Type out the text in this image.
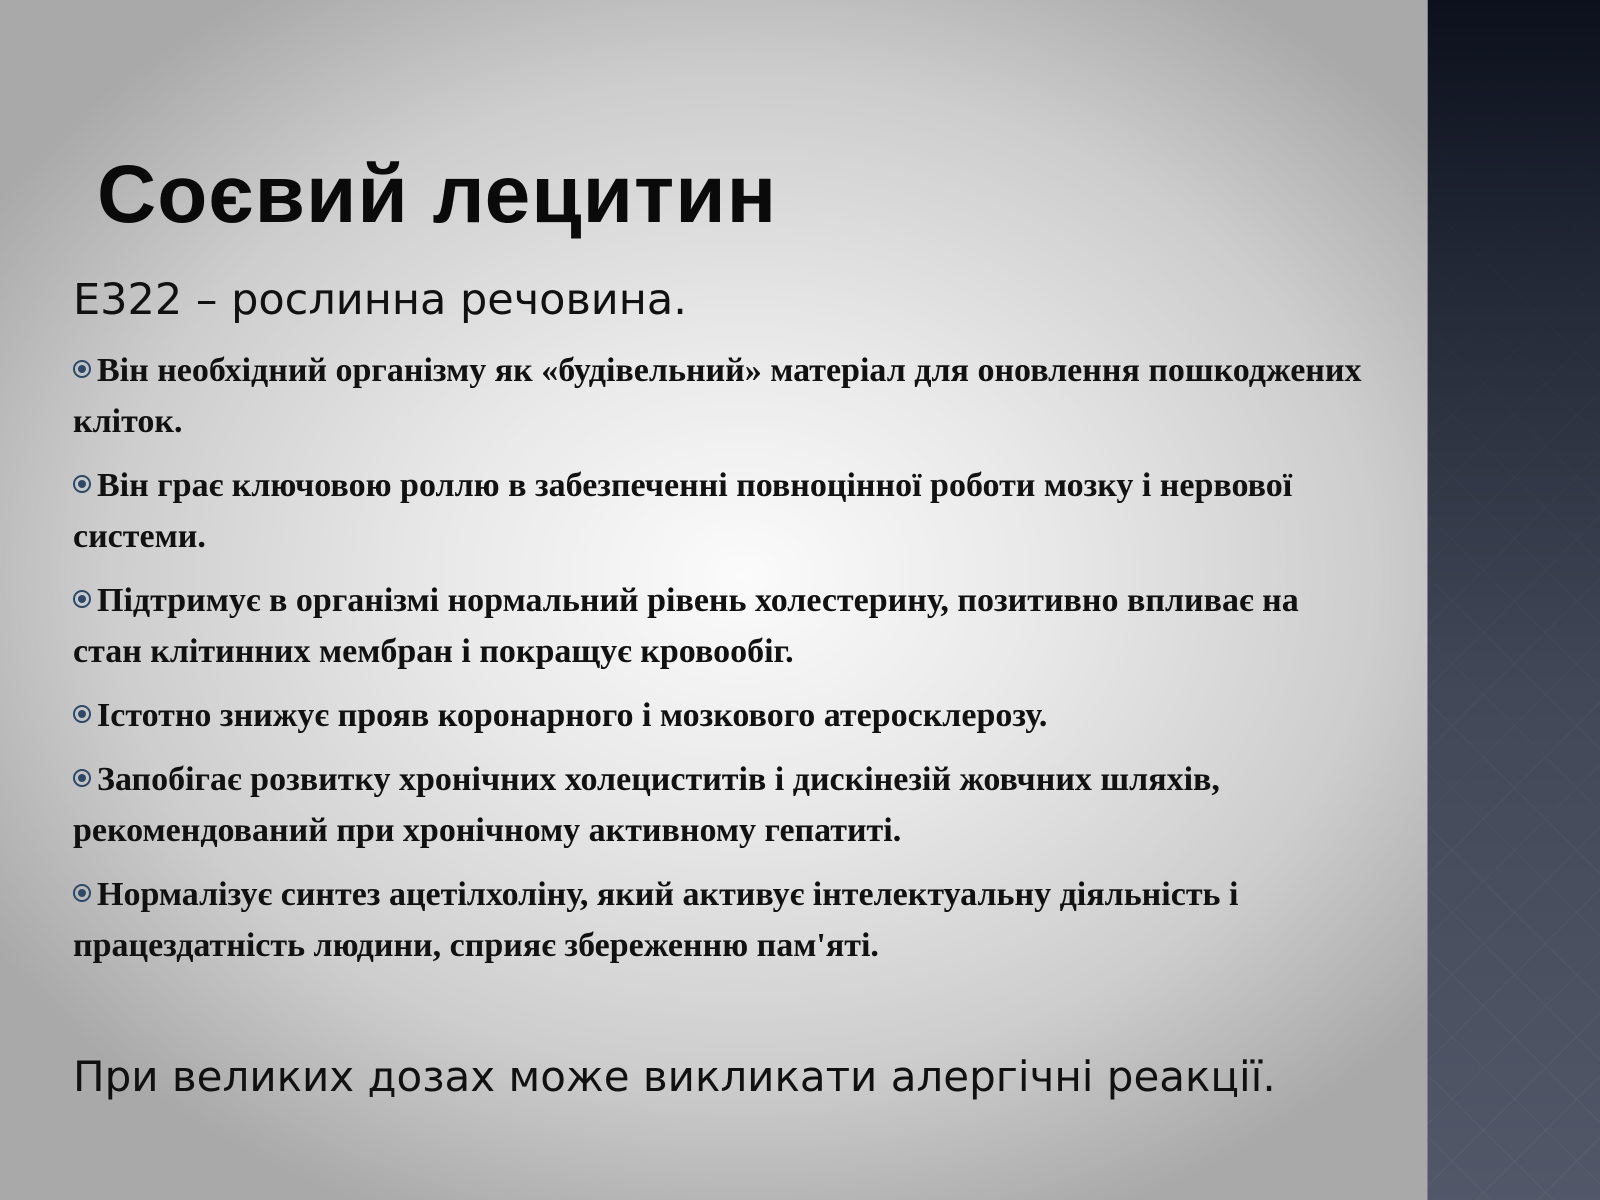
Соєвий лецитин
Е322 – рослинна речовина.
Він необхідний організму як «будівельний» матеріал для оновлення пошкоджених кліток.
Він грає ключовою роллю в забезпеченні повноцінної роботи мозку і нервової системи.
Підтримує в організмі нормальний рівень холестерину, позитивно впливає на стан клітинних мембран і покращує кровообіг.
Істотно знижує прояв коронарного і мозкового атеросклерозу.
Запобігає розвитку хронічних холециститів і дискінезій жовчних шляхів, рекомендований при хронічному активному гепатиті.
Нормалізує синтез ацетілхоліну, який активує інтелектуальну діяльність і працездатність людини, сприяє збереженню пам'яті.
При великих дозах може викликати алергічні реакції.
